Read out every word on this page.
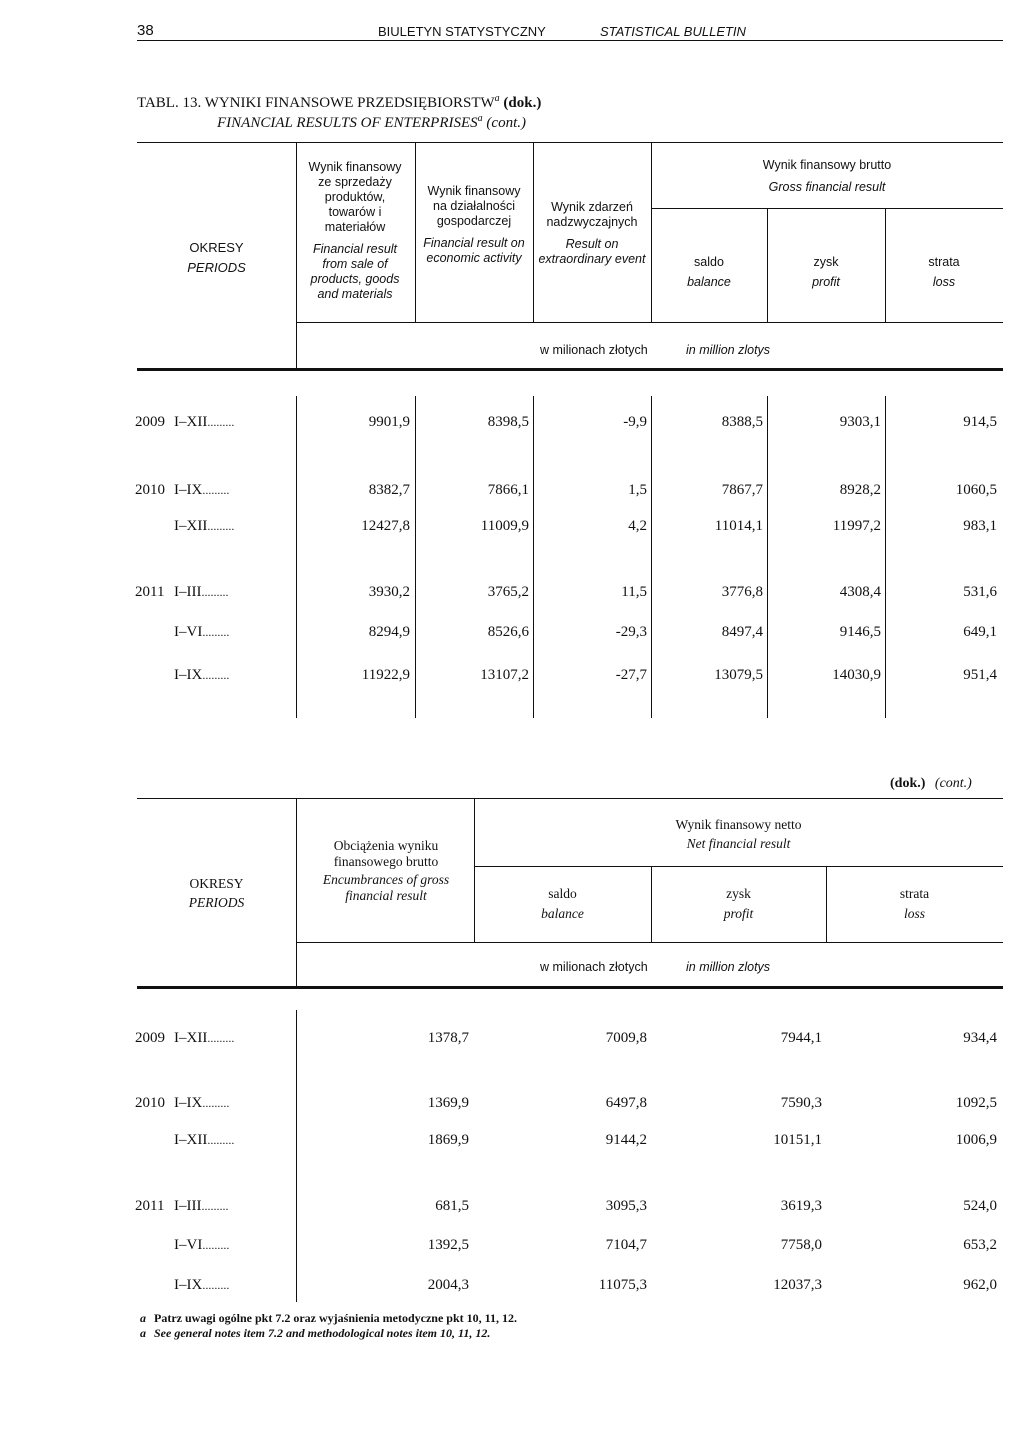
38	BIULETYN STATYSTYCZNY	STATISTICAL BULLETIN
TABL. 13. WYNIKI FINANSOWE PRZEDSIĘBIORSTW$^a$ (dok.)
FINANCIAL RESULTS OF ENTERPRISES$^a$ (cont.)
OKRESY
PERIODS
Wynik finansowy ze sprzedaży produktów, towarów i materiałów
Financial result from sale of products, goods and materials
Wynik finansowy na działalności gospodarczej
Financial result on economic activity
Wynik zdarzeń nadzwyczajnych
Result on extraordinary event
Wynik finansowy brutto
Gross financial result
saldo
balance
zysk
profit
strata
loss
w milionach złotych	in million zlotys
2009 I–XII.........	9901,9	8398,5	-9,9	8388,5	9303,1	914,5
2010 I–IX.........	8382,7	7866,1	1,5	7867,7	8928,2	1060,5
I–XII.........	12427,8	11009,9	4,2	11014,1	11997,2	983,1
2011 I–III.........	3930,2	3765,2	11,5	3776,8	4308,4	531,6
I–VI.........	8294,9	8526,6	-29,3	8497,4	9146,5	649,1
I–IX.........	11922,9	13107,2	-27,7	13079,5	14030,9	951,4
(dok.) (cont.)
OKRESY
PERIODS
Obciążenia wyniku finansowego brutto
Encumbrances of gross financial result
Wynik finansowy netto
Net financial result
saldo
balance
zysk
profit
strata
loss
w milionach złotych	in million zlotys
2009 I–XII.........	1378,7	7009,8	7944,1	934,4
2010 I–IX.........	1369,9	6497,8	7590,3	1092,5
I–XII.........	1869,9	9144,2	10151,1	1006,9
2011 I–III.........	681,5	3095,3	3619,3	524,0
I–VI.........	1392,5	7104,7	7758,0	653,2
I–IX.........	2004,3	11075,3	12037,3	962,0
a Patrz uwagi ogólne pkt 7.2 oraz wyjaśnienia metodyczne pkt 10, 11, 12.
a See general notes item 7.2 and methodological notes item 10, 11, 12.
